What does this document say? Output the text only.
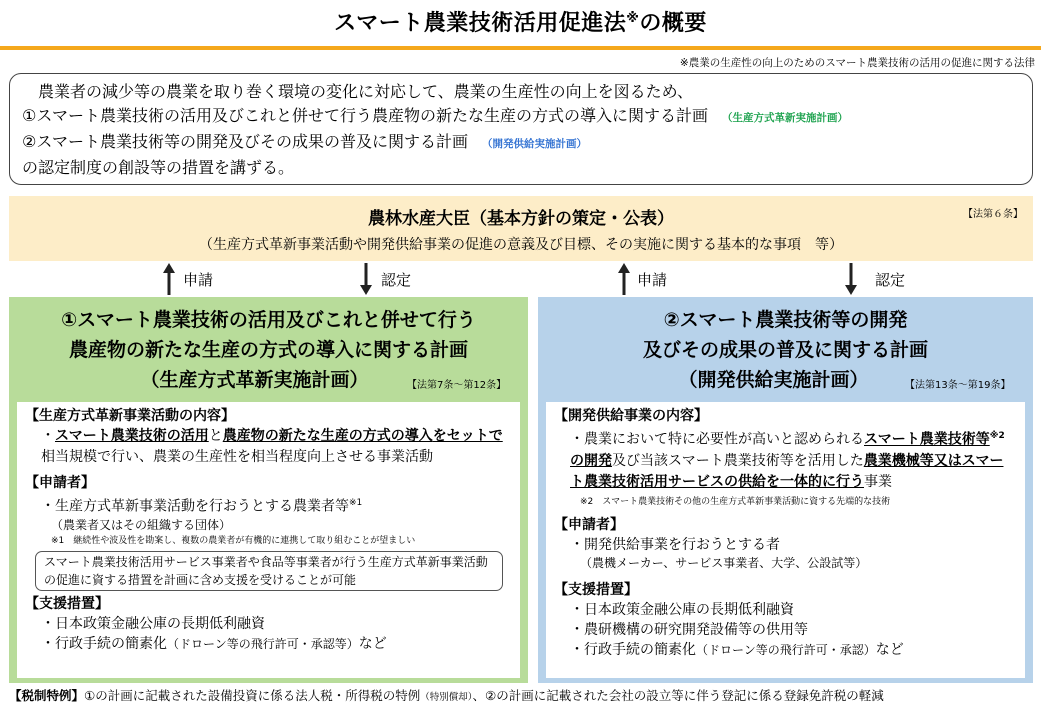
スマート農業技術活用促進法※の概要
※農業の生産性の向上のためのスマート農業技術の活用の促進に関する法律
農業者の減少等の農業を取り巻く環境の変化に対応して、農業の生産性の向上を図るため、
①スマート農業技術の活用及びこれと併せて行う農産物の新たな生産の方式の導入に関する計画 （生産方式革新実施計画）
②スマート農業技術等の開発及びその成果の普及に関する計画 （開発供給実施計画）
の認定制度の創設等の措置を講ずる。
農林水産大臣（基本方針の策定・公表）	【法第６条】
（生産方式革新事業活動や開発供給事業の促進の意義及び目標、その実施に関する基本的な事項　等）
申請	認定	申請	認定
①スマート農業技術の活用及びこれと併せて行う
農産物の新たな生産の方式の導入に関する計画
（生産方式革新実施計画）	【法第7条～第12条】
【生産方式革新事業活動の内容】
・スマート農業技術の活用と農産物の新たな生産の方式の導入をセットで相当規模で行い、農業の生産性を相当程度向上させる事業活動
【申請者】
・生産方式革新事業活動を行おうとする農業者等$^{※1}$
（農業者又はその組織する団体）
※1　継続性や波及性を勘案し、複数の農業者が有機的に連携して取り組むことが望ましい
スマート農業技術活用サービス事業者や食品等事業者が行う生産方式革新事業活動の促進に資する措置を計画に含め支援を受けることが可能
【支援措置】
・日本政策金融公庫の長期低利融資
・行政手続の簡素化（ドローン等の飛行許可・承認等）など
②スマート農業技術等の開発
及びその成果の普及に関する計画
（開発供給実施計画）	【法第13条～第19条】
【開発供給事業の内容】
・農業において特に必要性が高いと認められるスマート農業技術等$^{※2}$の開発及び当該スマート農業技術等を活用した農業機械等又はスマート農業技術活用サービスの供給を一体的に行う事業
※2　スマート農業技術その他の生産方式革新事業活動に資する先端的な技術
【申請者】
・開発供給事業を行おうとする者
（農機メーカー、サービス事業者、大学、公設試等）
【支援措置】
・日本政策金融公庫の長期低利融資
・農研機構の研究開発設備等の供用等
・行政手続の簡素化（ドローン等の飛行許可・承認）など
【税制特例】①の計画に記載された設備投資に係る法人税・所得税の特例（特別償却）、②の計画に記載された会社の設立等に伴う登記に係る登録免許税の軽減
